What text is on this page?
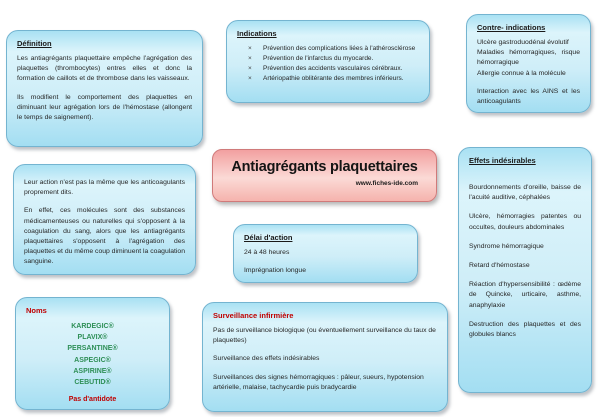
Définition

Les antiagrégants plaquettaire empêche l'agrégation des plaquettes (thrombocytes) entres elles et donc la formation de caillots et de thrombose dans les vaisseaux.

Ils modifient le comportement des plaquettes en diminuant leur agrégation lors de l'hémostase (allongent le temps de saignement).

Indications
×	Prévention des complications liées à l'athérosclérose
×	Prévention de l'infarctus du myocarde.
×	Prévention des accidents vasculaires cérébraux.
×	Artériopathie oblitérante des membres inférieurs.
Contre- indications
Ulcère gastroduodénal évolutif
Maladies hémorragiques, risque hémorragique
Allergie connue à la molécule
Interaction avec les AINS et les anticoagulants
Antiagrégants plaquettaires
www.fiches-ide.com

Leur action n'est pas la même que les anticoagulants proprement dits.

En effet, ces molécules sont des substances médicamenteuses ou naturelles qui s'opposent à la coagulation du sang, alors que les antiagrégants plaquettaires s'opposent à l'agrégation des plaquettes et du même coup diminuent la coagulation sanguine.

Délai d'action

24 à 48 heures

Imprégnation longue

Effets indésirables

Bourdonnements d'oreille, baisse de l'acuité auditive, céphalées

Ulcère, hémorragies patentes ou occultes, douleurs abdominales

Syndrome hémorragique

Retard d'hémostase

Réaction d'hypersensibilité : œdème de Quincke, urticaire, asthme, anaphylaxie

Destruction des plaquettes et des globules blancs

Noms
KARDEGIC®
PLAVIX®
PERSANTINE®
ASPEGIC®
ASPIRINE®
CEBUTID®
Pas d'antidote
Surveillance infirmière

Pas de surveillance biologique (ou éventuellement surveillance du taux de plaquettes)

Surveillance des effets indésirables

Surveillances des signes hémorragiques : pâleur, sueurs, hypotension artérielle, malaise, tachycardie puis bradycardie
